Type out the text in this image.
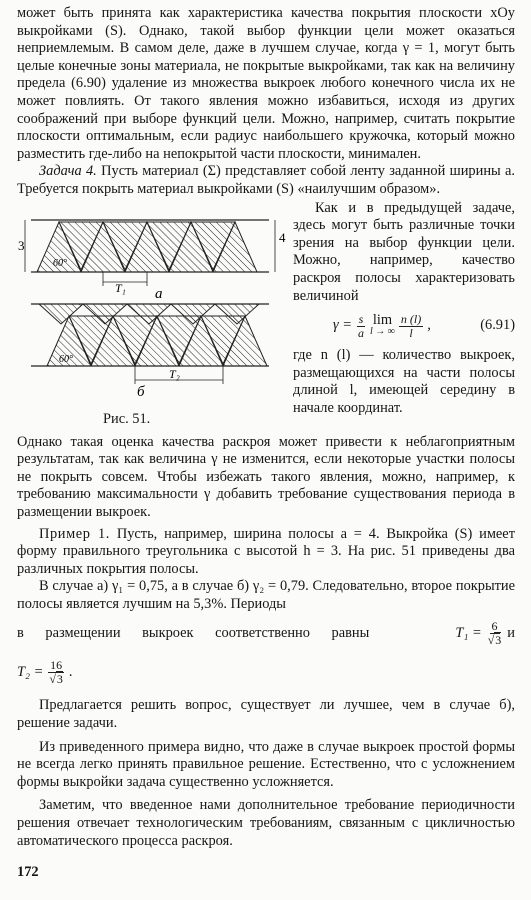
может быть принята как характеристика качества покрытия плоскости xOy выкройками (S). Однако, такой выбор функции цели может оказаться неприемлемым. В самом деле, даже в лучшем случае, когда γ = 1, могут быть целые конечные зоны материала, не покрытые выкройками, так как на величину предела (6.90) удаление из множества выкроек любого конечного числа их не может повлиять. От такого явления можно избавиться, исходя из других соображений при выборе функций цели. Можно, например, считать покрытие плоскости оптимальным, если радиус наибольшего кружочка, который можно разместить где-либо на непокрытой части плоскости, минимален.

Задача 4. Пусть материал (Σ) представляет собой ленту заданной ширины a. Требуется покрыть материал выкройками (S) «наилучшим образом».

3
4
60°
T₁ a
60°
T₂
б
Рис. 51.

Как и в предыдущей задаче, здесь могут быть различные точки зрения на выбор функции цели. Можно, например, качество раскроя полосы характеризовать величиной

$\gamma = \frac{s}{a}$ lim
l → ∞ $\frac{n (l)}{l}$ ,	(6.91)

где n (l) — количество выкроек, размещающихся на части полосы длиной l, имеющей середину в начале координат.

Однако такая оценка качества раскроя может привести к неблагоприятным результатам, так как величина γ не изменится, если некоторые участки полосы не покрыть совсем. Чтобы избежать такого явления, можно, например, к требованию максимальности γ добавить требование существования периода в размещении выкроек.

Пример 1. Пусть, например, ширина полосы a = 4. Выкройка (S) имеет форму правильного треугольника с высотой h = 3. На рис. 51 приведены два различных покрытия полосы.

В случае а) γ₁ = 0,75, а в случае б) γ₂ = 0,79. Следовательно, второе покрытие полосы является лучшим на 5,3%. Периоды

в размещении выкроек соответственно равны	$T_1 = \frac{6}{√3}$ и
$T_2 = \frac{16}{√3}$ .

Предлагается решить вопрос, существует ли лучшее, чем в случае б), решение задачи.

Из приведенного примера видно, что даже в случае выкроек простой формы не всегда легко принять правильное решение. Естественно, что с усложнением формы выкройки задача существенно усложняется.

Заметим, что введенное нами дополнительное требование периодичности решения отвечает технологическим требованиям, связанным с цикличностью автоматического процесса раскроя.

172
